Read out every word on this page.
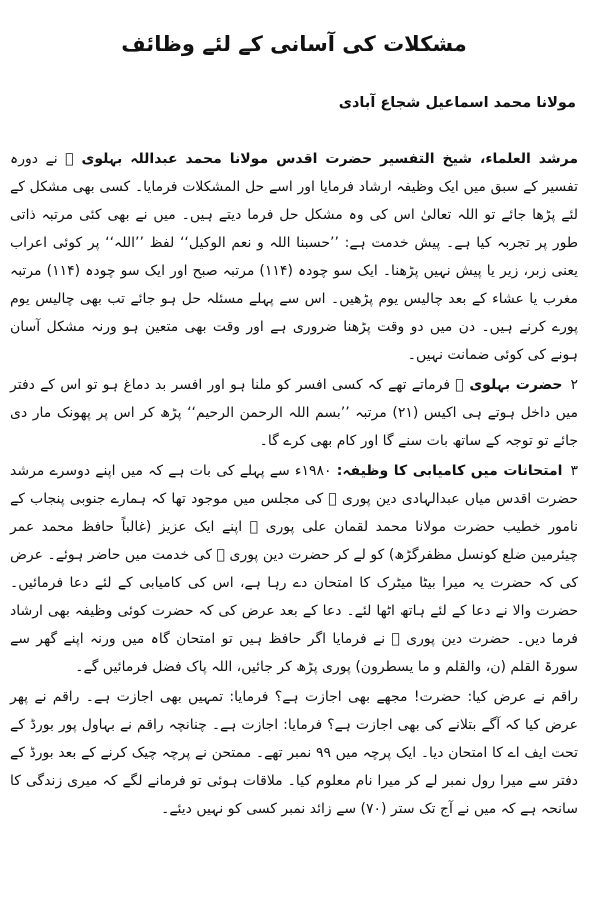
مشکلات کی آسانی کے لئے وظائف

مولانا محمد اسماعیل شجاع آبادی

مرشد العلماء، شیخ التفسیر حضرت اقدس مولانا محمد عبداللہ بہلوی ﷫ نے دورہ تفسیر کے سبق میں ایک وظیفہ ارشاد فرمایا اور اسے حل المشکلات فرمایا۔ کسی بھی مشکل کے لئے پڑھا جائے تو اللہ تعالیٰ اس کی وہ مشکل حل فرما دیتے ہیں۔ میں نے بھی کئی مرتبہ ذاتی طور پر تجربہ کیا ہے۔ پیش خدمت ہے: ’’حسبنا اللہ و نعم الوکیل‘‘ لفظ ’’اللہ‘‘ پر کوئی اعراب یعنی زبر، زیر یا پیش نہیں پڑھنا۔ ایک سو چودہ (۱۱۴) مرتبہ صبح اور ایک سو چودہ (۱۱۴) مرتبہ مغرب یا عشاء کے بعد چالیس یوم پڑھیں۔ اس سے پہلے مسئلہ حل ہو جائے تب بھی چالیس یوم پورے کرنے ہیں۔ دن میں دو وقت پڑھنا ضروری ہے اور وقت بھی متعین ہو ورنہ مشکل آسان ہونے کی کوئی ضمانت نہیں۔

۲حضرت بہلوی ﷫ فرماتے تھے کہ کسی افسر کو ملنا ہو اور افسر بد دماغ ہو تو اس کے دفتر میں داخل ہوتے ہی اکیس (۲۱) مرتبہ ’’بسم اللہ الرحمن الرحیم‘‘ پڑھ کر اس پر پھونک مار دی جائے تو توجہ کے ساتھ بات سنے گا اور کام بھی کرے گا۔

۳امتحانات میں کامیابی کا وظیفہ: ۱۹۸۰ء سے پہلے کی بات ہے کہ میں اپنے دوسرے مرشد حضرت اقدس میاں عبدالہادی دین پوری ﷫ کی مجلس میں موجود تھا کہ ہمارے جنوبی پنجاب کے نامور خطیب حضرت مولانا محمد لقمان علی پوری ﷫ اپنے ایک عزیز (غالباً حافظ محمد عمر چیئرمین ضلع کونسل مظفرگڑھ) کو لے کر حضرت دین پوری ﷫ کی خدمت میں حاضر ہوئے۔ عرض کی کہ حضرت یہ میرا بیٹا میٹرک کا امتحان دے رہا ہے، اس کی کامیابی کے لئے دعا فرمائیں۔ حضرت والا نے دعا کے لئے ہاتھ اٹھا لئے۔ دعا کے بعد عرض کی کہ حضرت کوئی وظیفہ بھی ارشاد فرما دیں۔ حضرت دین پوری ﷫ نے فرمایا اگر حافظ ہیں تو امتحان گاہ میں ورنہ اپنے گھر سے سورۃ القلم (ن، والقلم و ما یسطرون) پوری پڑھ کر جائیں، اللہ پاک فضل فرمائیں گے۔

راقم نے عرض کیا: حضرت! مجھے بھی اجازت ہے؟ فرمایا: تمہیں بھی اجازت ہے۔ راقم نے پھر عرض کیا کہ آگے بتلانے کی بھی اجازت ہے؟ فرمایا: اجازت ہے۔ چنانچہ راقم نے بہاول پور بورڈ کے تحت ایف اے کا امتحان دیا۔ ایک پرچہ میں ۹۹ نمبر تھے۔ ممتحن نے پرچہ چیک کرنے کے بعد بورڈ کے دفتر سے میرا رول نمبر لے کر میرا نام معلوم کیا۔ ملاقات ہوئی تو فرمانے لگے کہ میری زندگی کا سانحہ ہے کہ میں نے آج تک ستر (۷۰) سے زائد نمبر کسی کو نہیں دیئے۔
